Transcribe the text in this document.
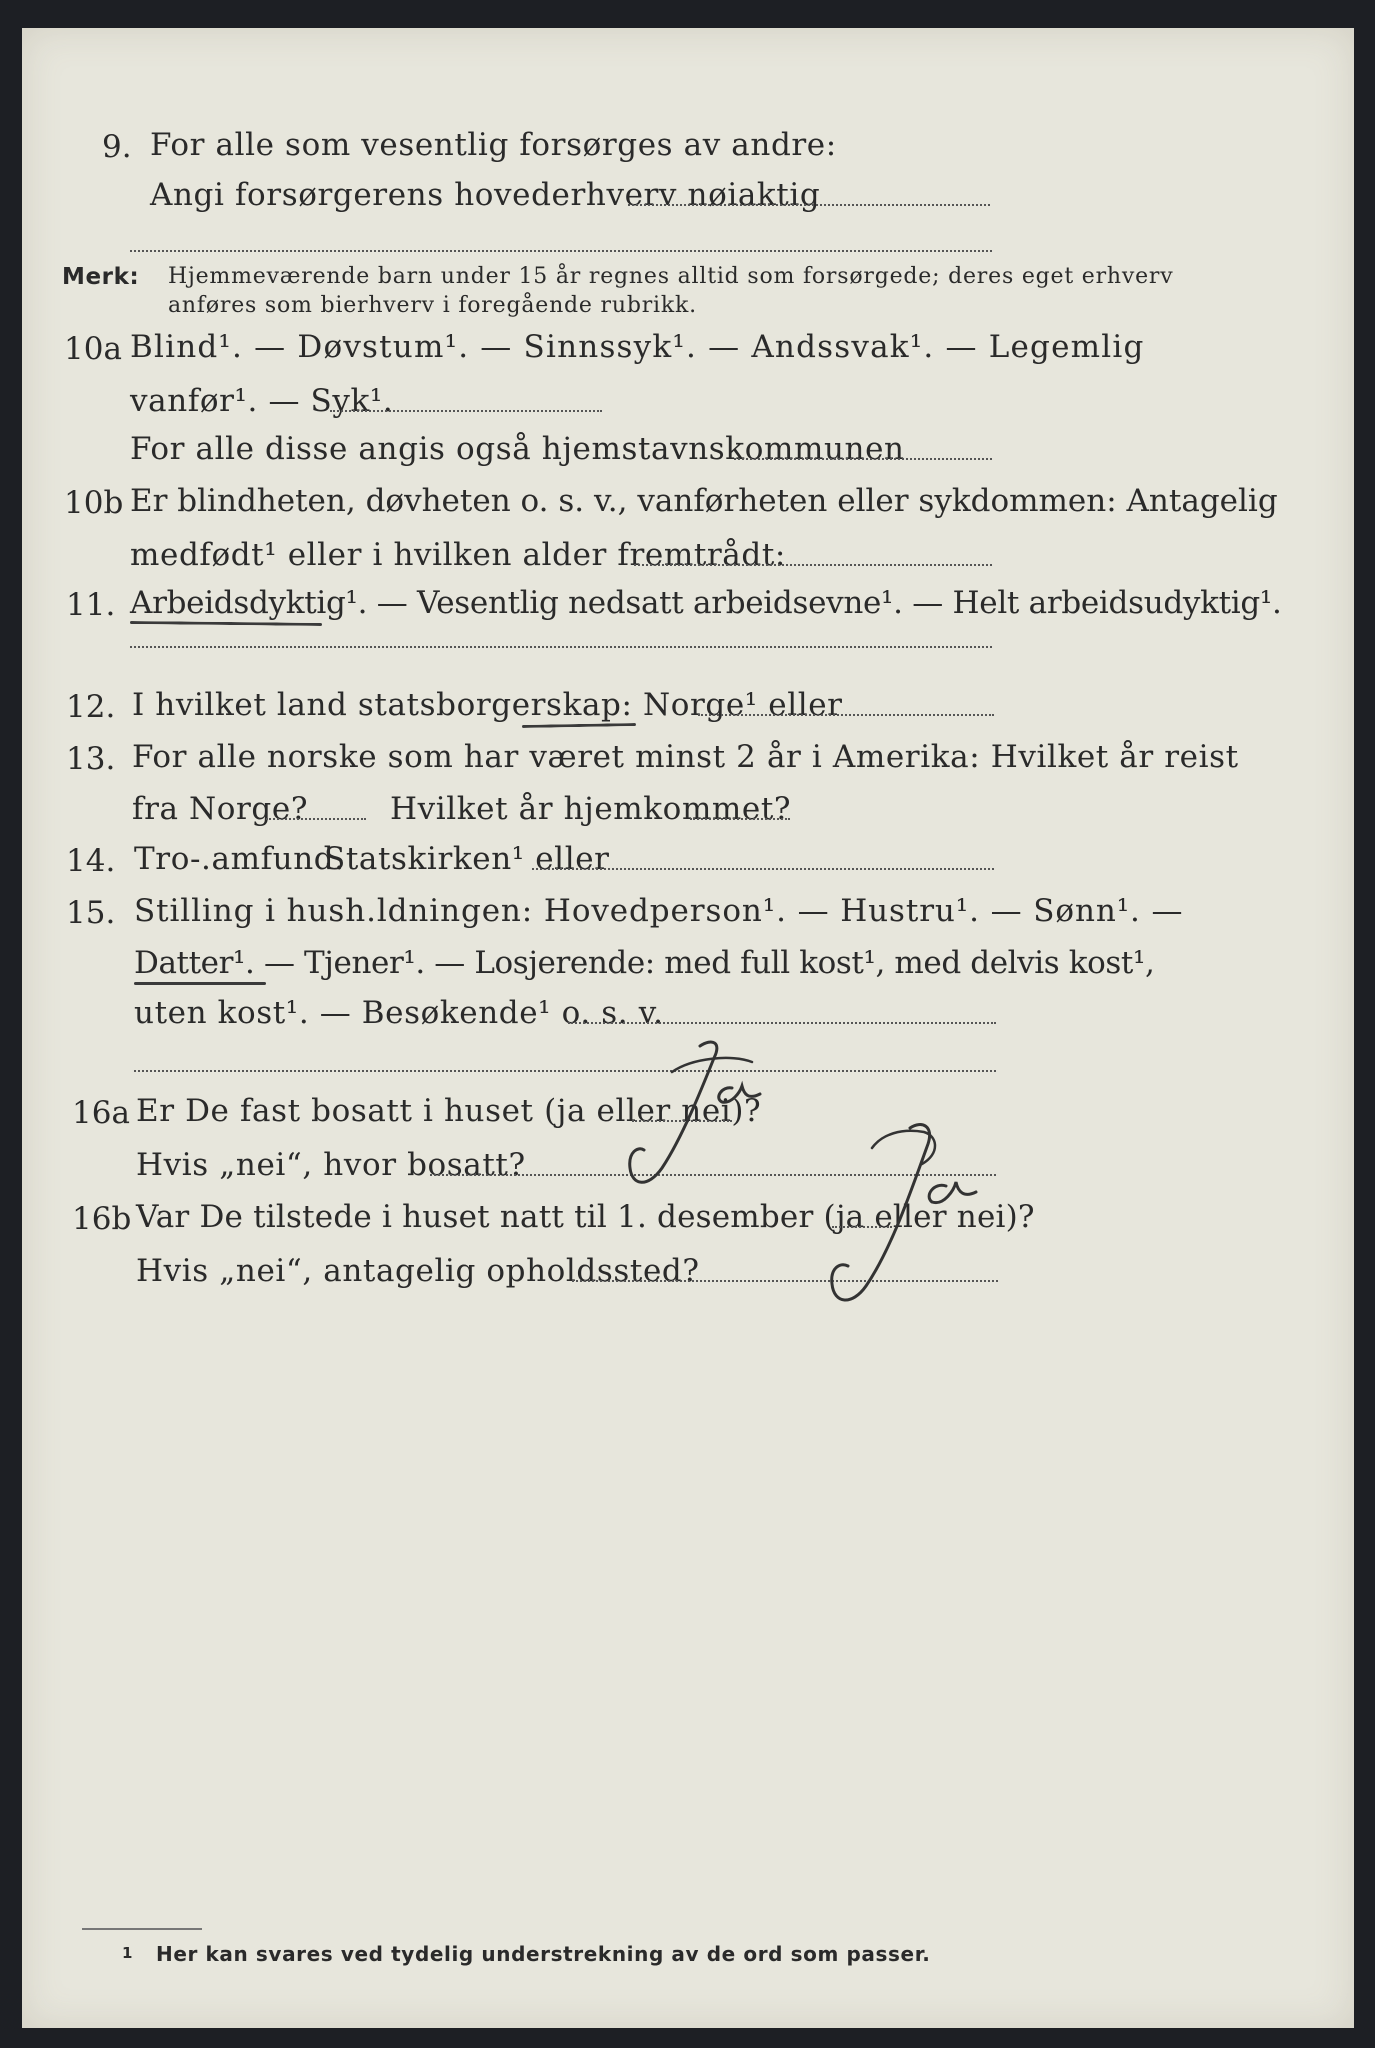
9. For alle som vesentlig forsørges av andre:
Angi forsørgerens hovederhverv nøiaktig
Merk: Hjemmeværende barn under 15 år regnes alltid som forsørgede; deres eget erhverv
anføres som bierhverv i foregående rubrikk.
10a Blind¹. — Døvstum¹. — Sinnssyk¹. — Andssvak¹. — Legemlig
vanfør¹. — Syk¹.
For alle disse angis også hjemstavnskommunen
10b Er blindheten, døvheten o. s. v., vanførheten eller sykdommen: Antagelig
medfødt¹ eller i hvilken alder fremtrådt:
11. Arbeidsdyktig¹. — Vesentlig nedsatt arbeidsevne¹. — Helt arbeidsudyktig¹.
12. I hvilket land statsborgerskap: Norge¹ eller
13. For alle norske som har været minst 2 år i Amerika: Hvilket år reist
fra Norge?	Hvilket år hjemkommet?
14. Tro-.amfund.
Statskirken¹ eller
15. Stilling i hush.ldningen: Hovedperson¹. — Hustru¹. — Sønn¹. —
Datter¹. — Tjener¹. — Losjerende: med full kost¹, med delvis kost¹,
uten kost¹. — Besøkende¹ o. s. v.
16a Er De fast bosatt i huset (ja eller nei)?
Hvis „nei“, hvor bosatt?
16b Var De tilstede i huset natt til 1. desember (ja eller nei)?
Hvis „nei“, antagelig opholdssted?
1 Her kan svares ved tydelig understrekning av de ord som passer.
